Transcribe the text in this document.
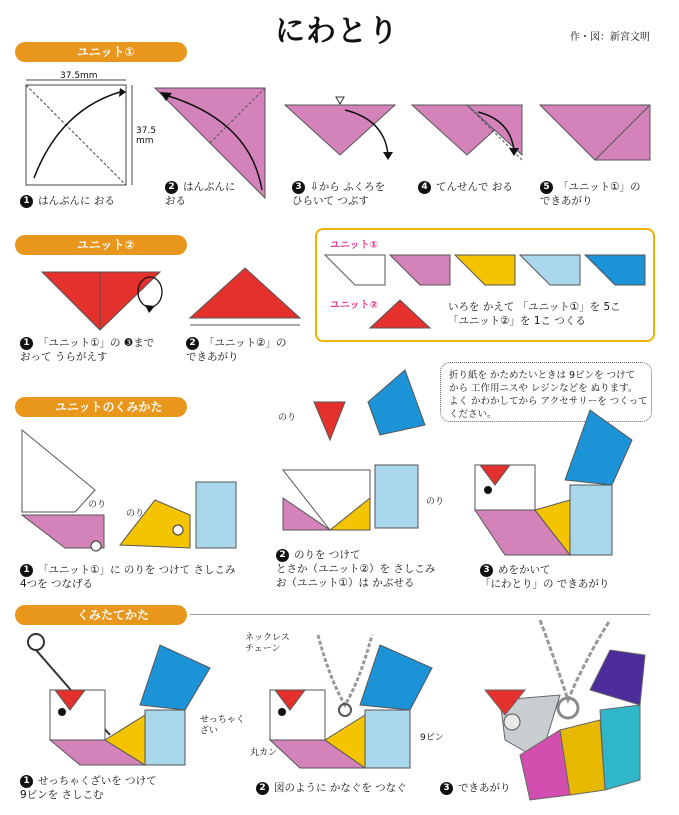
にわとり	作・図：新宮文明
ユニット①
37.5mm
37.5
mm
1 はんぶんに おる
2 はんぶんに
おる
3 ⇩から ふくろを
ひらいて つぶす
4 てんせんで おる	5 「ユニット①」の
できあがり
ユニット②
1 「ユニット①」の ❸まで
おって うらがえす
2 「ユニット②」の
できあがり
ユニット①
ユニット②	いろを かえて 「ユニット①」を 5こ
「ユニット②」を 1こ つくる
折り紙を かためたいときは 9ピンを つけて
から 工作用ニスや レジンなどを ぬります。
よく かわかしてから アクセサリーを つくって
ください。
ユニットのくみかた
のり
のり
のり
のり
1 「ユニット①」に のりを つけて さしこみ
4つを つなげる
2 のりを つけて
とさか（ユニット②）を さしこみ
お（ユニット①）は かぶせる
3 めをかいて
「にわとり」の できあがり
くみたてかた
せっちゃく
ざい
ネックレス
チェーン
丸カン
9ピン
1 せっちゃくざいを つけて
9ピンを さしこむ
2 図のように かなぐを つなぐ	3 できあがり
